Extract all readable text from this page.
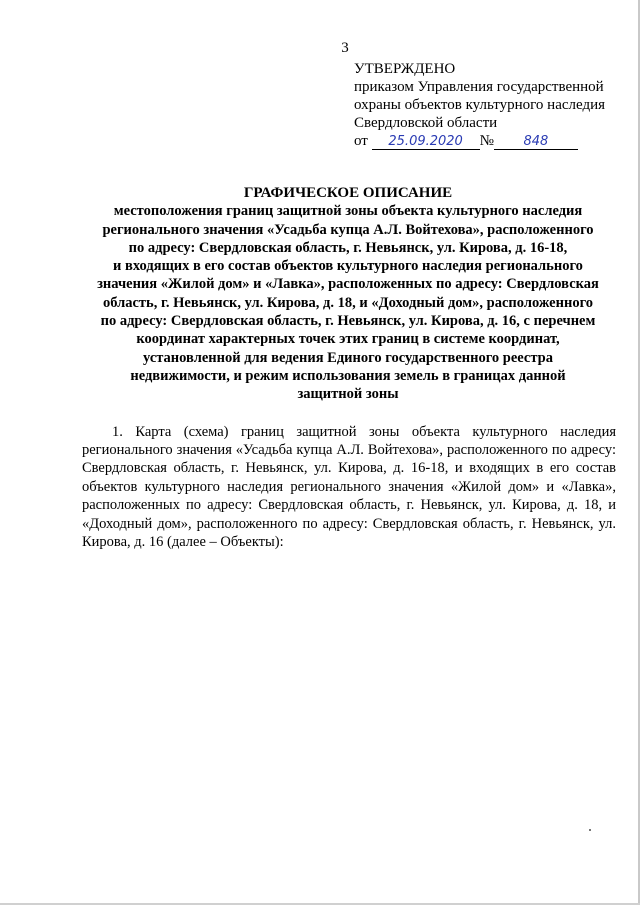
3
УТВЕРЖДЕНО
приказом Управления государственной
охраны объектов культурного наследия
Свердловской области
от
	25.09.2020	№	848
ГРАФИЧЕСКОЕ ОПИСАНИЕ
местоположения границ защитной зоны объекта культурного наследия
регионального значения «Усадьба купца А.Л. Войтехова», расположенного
по адресу: Свердловская область, г. Невьянск, ул. Кирова, д. 16-18,
и входящих в его состав объектов культурного наследия регионального
значения «Жилой дом» и «Лавка», расположенных по адресу: Свердловская
область, г. Невьянск, ул. Кирова, д. 18, и «Доходный дом», расположенного
по адресу: Свердловская область, г. Невьянск, ул. Кирова, д. 16, с перечнем
координат характерных точек этих границ в системе координат,
установленной для ведения Единого государственного реестра
недвижимости, и режим использования земель в границах данной
защитной зоны

1. Карта (схема) границ защитной зоны объекта культурного наследия регионального значения «Усадьба купца А.Л. Войтехова», расположенного по адресу: Свердловская область, г. Невьянск, ул. Кирова, д. 16-18, и входящих в его состав объектов культурного наследия регионального значения «Жилой дом» и «Лавка», расположенных по адресу: Свердловская область, г. Невьянск, ул. Кирова, д. 18, и «Доходный дом», расположенного по адресу: Свердловская область, г. Невьянск, ул. Кирова, д. 16 (далее – Объекты):
